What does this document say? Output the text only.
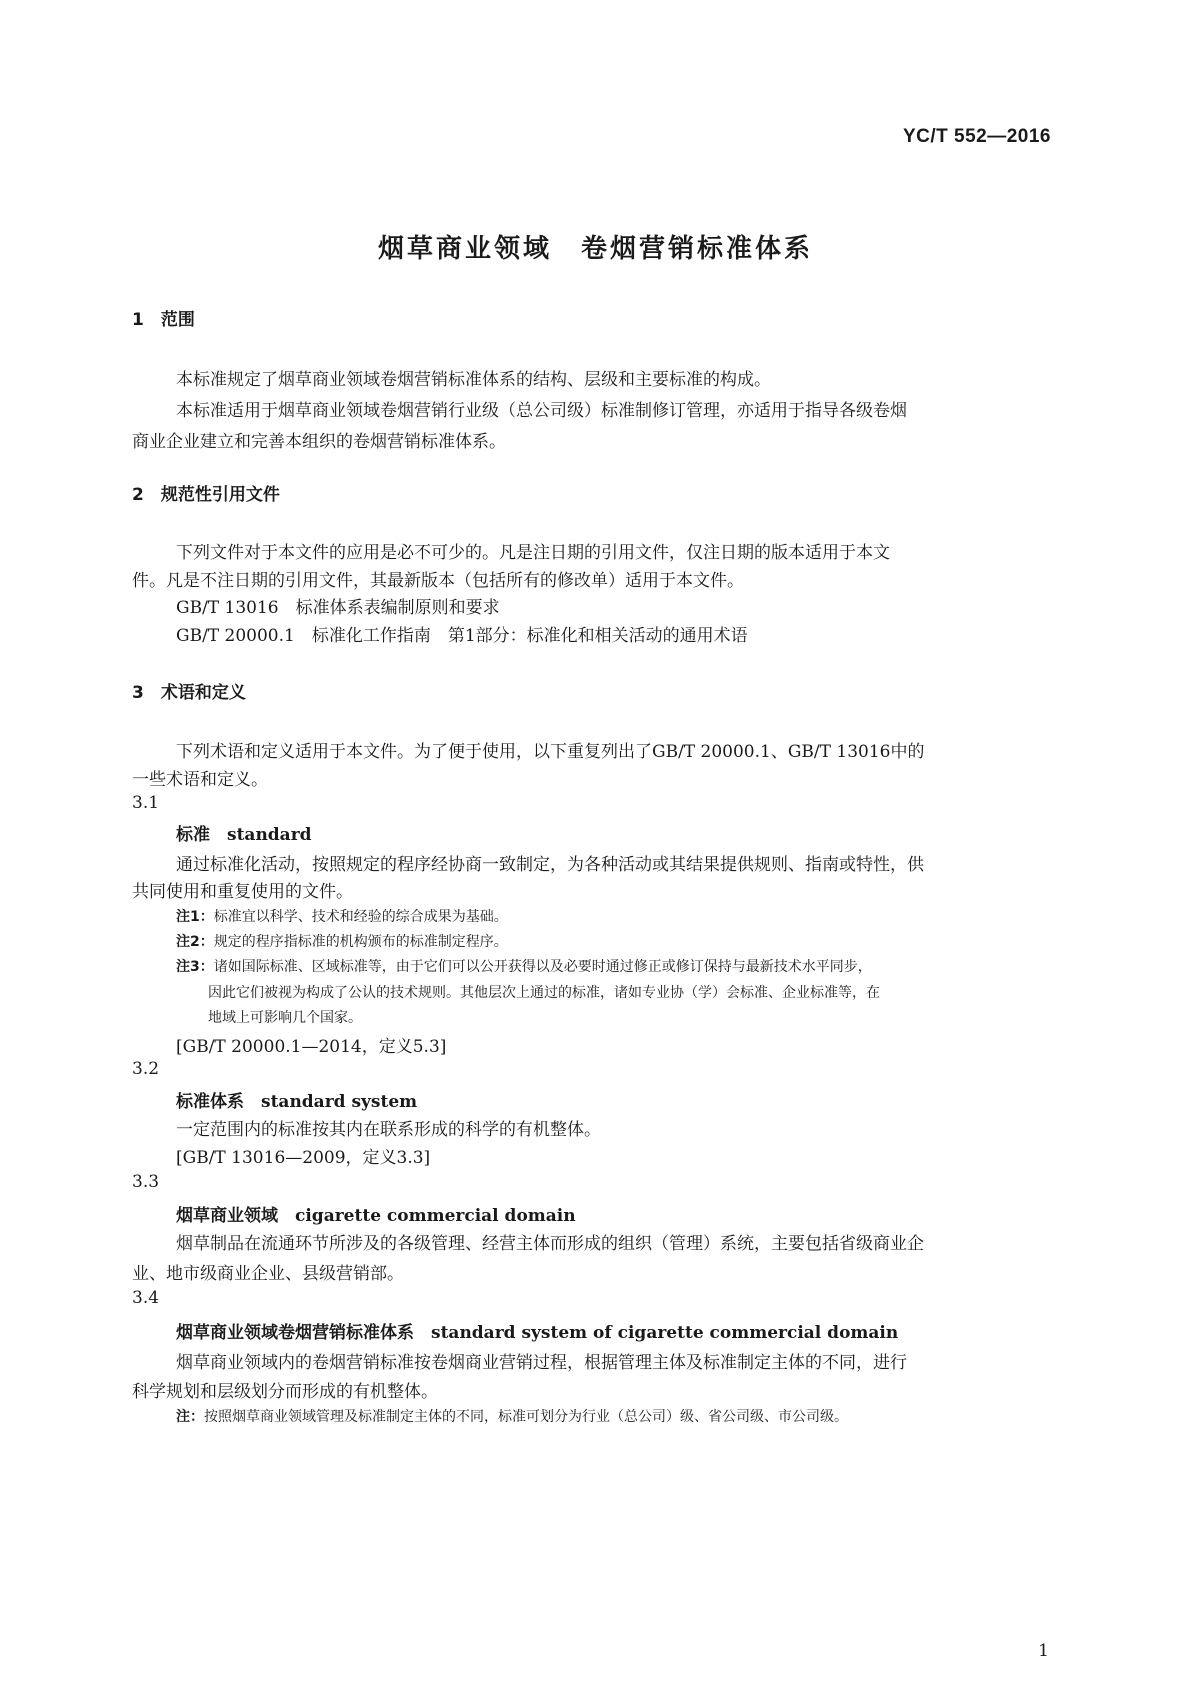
YC/T 552—2016
烟草商业领域　卷烟营销标准体系
1　范围
本标准规定了烟草商业领域卷烟营销标准体系的结构、层级和主要标准的构成。
本标准适用于烟草商业领域卷烟营销行业级（总公司级）标准制修订管理，亦适用于指导各级卷烟
商业企业建立和完善本组织的卷烟营销标准体系。
2　规范性引用文件
下列文件对于本文件的应用是必不可少的。凡是注日期的引用文件，仅注日期的版本适用于本文
件。凡是不注日期的引用文件，其最新版本（包括所有的修改单）适用于本文件。
GB/T 13016　标准体系表编制原则和要求
GB/T 20000.1　标准化工作指南　第1部分：标准化和相关活动的通用术语
3　术语和定义
下列术语和定义适用于本文件。为了便于使用，以下重复列出了GB/T 20000.1、GB/T 13016中的
一些术语和定义。
3.1
标准　standard
通过标准化活动，按照规定的程序经协商一致制定，为各种活动或其结果提供规则、指南或特性，供
共同使用和重复使用的文件。
注1：标准宜以科学、技术和经验的综合成果为基础。
注2：规定的程序指标准的机构颁布的标准制定程序。
注3：诸如国际标准、区域标准等，由于它们可以公开获得以及必要时通过修正或修订保持与最新技术水平同步，
因此它们被视为构成了公认的技术规则。其他层次上通过的标准，诸如专业协（学）会标准、企业标准等，在
地域上可影响几个国家。
[GB/T 20000.1—2014，定义5.3]
3.2
标准体系　standard system
一定范围内的标准按其内在联系形成的科学的有机整体。
[GB/T 13016—2009，定义3.3]
3.3
烟草商业领域　cigarette commercial domain
烟草制品在流通环节所涉及的各级管理、经营主体而形成的组织（管理）系统，主要包括省级商业企
业、地市级商业企业、县级营销部。
3.4
烟草商业领域卷烟营销标准体系　standard system of cigarette commercial domain
烟草商业领域内的卷烟营销标准按卷烟商业营销过程，根据管理主体及标准制定主体的不同，进行
科学规划和层级划分而形成的有机整体。
注：按照烟草商业领域管理及标准制定主体的不同，标准可划分为行业（总公司）级、省公司级、市公司级。
1
